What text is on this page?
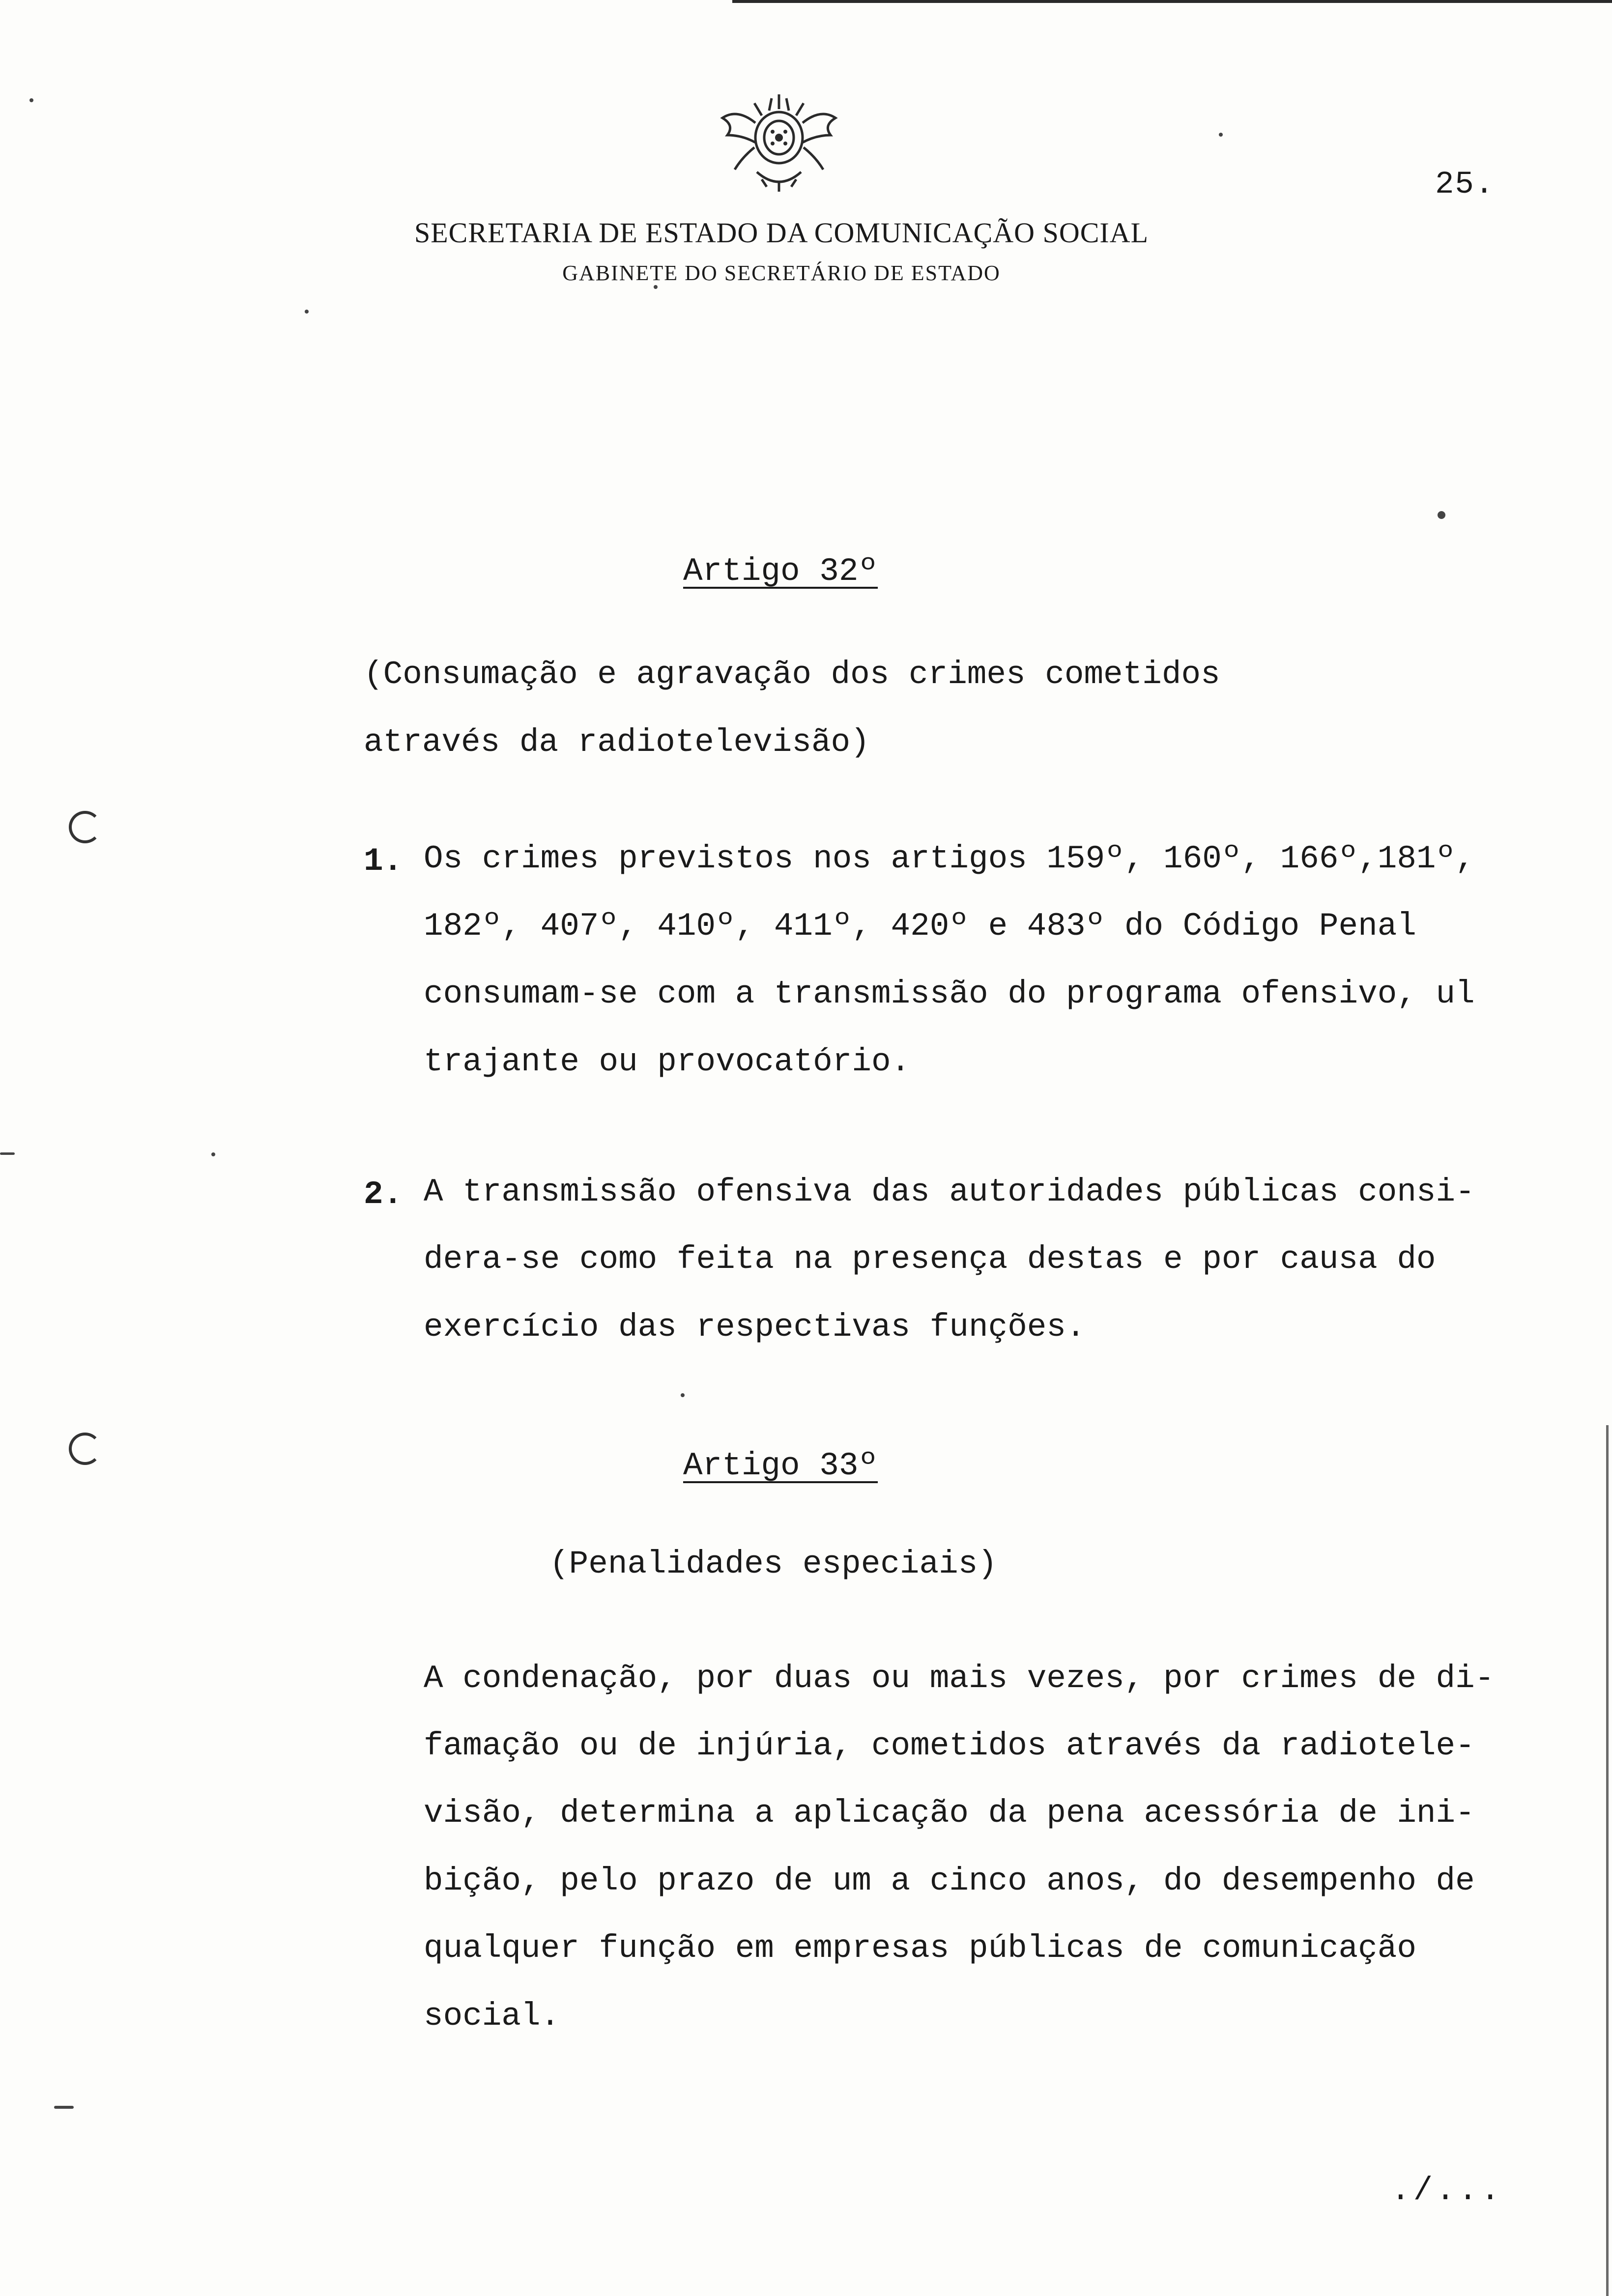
25.
SECRETARIA DE ESTADO DA COMUNICAÇÃO SOCIAL
GABINETE DO SECRETÁRIO DE ESTADO
Artigo 32º
(Consumação e agravação dos crimes cometidos
através da radiotelevisão)
1. Os crimes previstos nos artigos 159º, 160º, 166º,181º,
182º, 407º, 410º, 411º, 420º e 483º do Código Penal
consumam-se com a transmissão do programa ofensivo, ul
trajante ou provocatório.
2. A transmissão ofensiva das autoridades públicas consi-
dera-se como feita na presença destas e por causa do
exercício das respectivas funções.
Artigo 33º
(Penalidades especiais)
A condenação, por duas ou mais vezes, por crimes de di-
famação ou de injúria, cometidos através da radiotele-
visão, determina a aplicação da pena acessória de ini-
bição, pelo prazo de um a cinco anos, do desempenho de
qualquer função em empresas públicas de comunicação
social.
./...
